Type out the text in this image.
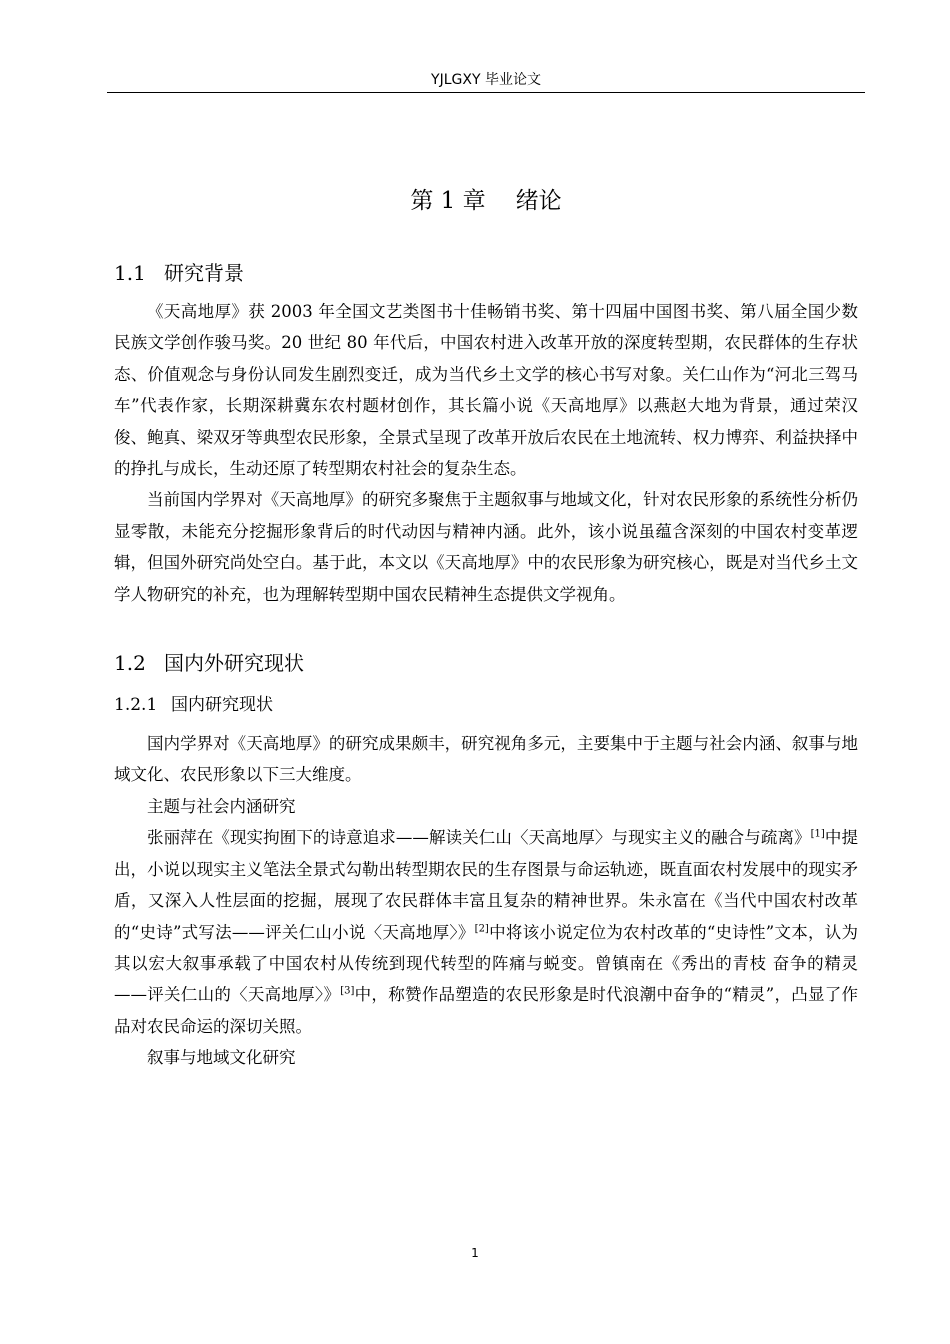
YJLGXY 毕业论文
第 1 章 绪论
1.1 研究背景

《天高地厚》获 2003 年全国文艺类图书十佳畅销书奖、第十四届中国图书奖、第八届全国少数民族文学创作骏马奖。20 世纪 80 年代后，中国农村进入改革开放的深度转型期，农民群体的生存状态、价值观念与身份认同发生剧烈变迁，成为当代乡土文学的核心书写对象。关仁山作为“河北三驾马车”代表作家，长期深耕冀东农村题材创作，其长篇小说《天高地厚》以燕赵大地为背景，通过荣汉俊、鲍真、梁双牙等典型农民形象，全景式呈现了改革开放后农民在土地流转、权力博弈、利益抉择中的挣扎与成长，生动还原了转型期农村社会的复杂生态。

当前国内学界对《天高地厚》的研究多聚焦于主题叙事与地域文化，针对农民形象的系统性分析仍显零散，未能充分挖掘形象背后的时代动因与精神内涵。此外，该小说虽蕴含深刻的中国农村变革逻辑，但国外研究尚处空白。基于此，本文以《天高地厚》中的农民形象为研究核心，既是对当代乡土文学人物研究的补充，也为理解转型期中国农民精神生态提供文学视角。

1.2 国内外研究现状
1.2.1 国内研究现状

国内学界对《天高地厚》的研究成果颇丰，研究视角多元，主要集中于主题与社会内涵、叙事与地域文化、农民形象以下三大维度。

主题与社会内涵研究

张丽萍在《现实拘囿下的诗意追求——解读关仁山〈天高地厚〉与现实主义的融合与疏离》[1]中提出，小说以现实主义笔法全景式勾勒出转型期农民的生存图景与命运轨迹，既直面农村发展中的现实矛盾，又深入人性层面的挖掘，展现了农民群体丰富且复杂的精神世界。朱永富在《当代中国农村改革的“史诗”式写法——评关仁山小说〈天高地厚〉》[2]中将该小说定位为农村改革的“史诗性”文本，认为其以宏大叙事承载了中国农村从传统到现代转型的阵痛与蜕变。曾镇南在《秀出的青枝 奋争的精灵——评关仁山的〈天高地厚〉》[3]中，称赞作品塑造的农民形象是时代浪潮中奋争的“精灵”，凸显了作品对农民命运的深切关照。

叙事与地域文化研究

1
